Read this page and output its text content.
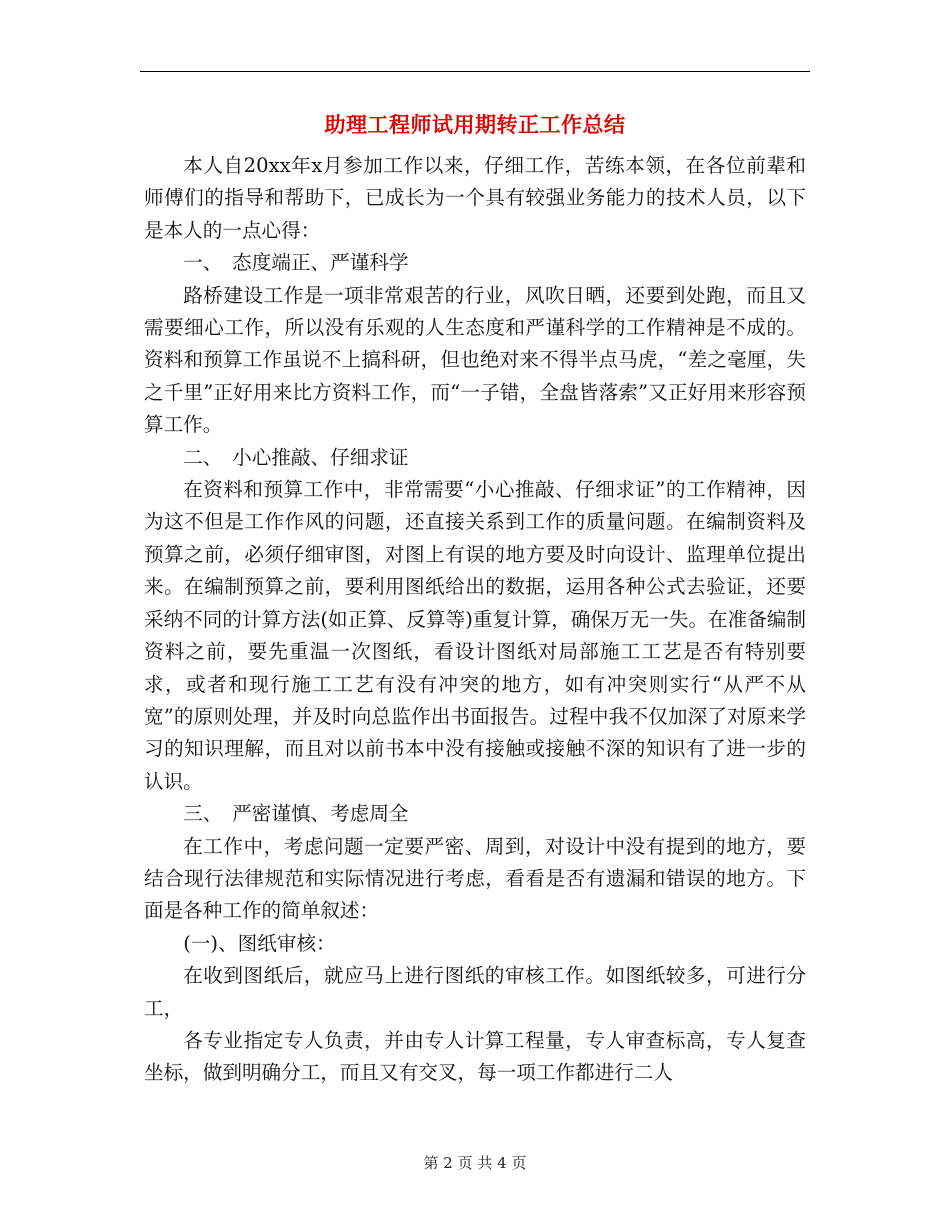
助理工程师试用期转正工作总结

本人自20xx年x月参加工作以来，仔细工作，苦练本领，在各位前辈和师傅们的指导和帮助下，已成长为一个具有较强业务能力的技术人员，以下是本人的一点心得：

一、　态度端正、严谨科学

路桥建设工作是一项非常艰苦的行业，风吹日晒，还要到处跑，而且又需要细心工作，所以没有乐观的人生态度和严谨科学的工作精神是不成的。资料和预算工作虽说不上搞科研，但也绝对来不得半点马虎，“差之毫厘，失之千里”正好用来比方资料工作，而“一子错，全盘皆落索”又正好用来形容预算工作。

二、　小心推敲、仔细求证

在资料和预算工作中，非常需要“小心推敲、仔细求证”的工作精神，因为这不但是工作作风的问题，还直接关系到工作的质量问题。在编制资料及预算之前，必须仔细审图，对图上有误的地方要及时向设计、监理单位提出来。在编制预算之前，要利用图纸给出的数据，运用各种公式去验证，还要采纳不同的计算方法(如正算、反算等)重复计算，确保万无一失。在准备编制资料之前，要先重温一次图纸，看设计图纸对局部施工工艺是否有特别要求，或者和现行施工工艺有没有冲突的地方，如有冲突则实行“从严不从宽”的原则处理，并及时向总监作出书面报告。过程中我不仅加深了对原来学习的知识理解，而且对以前书本中没有接触或接触不深的知识有了进一步的认识。

三、　严密谨慎、考虑周全

在工作中，考虑问题一定要严密、周到，对设计中没有提到的地方，要结合现行法律规范和实际情况进行考虑，看看是否有遗漏和错误的地方。下面是各种工作的简单叙述：

(一)、图纸审核：

在收到图纸后，就应马上进行图纸的审核工作。如图纸较多，可进行分工，

各专业指定专人负责，并由专人计算工程量，专人审查标高，专人复查坐标，做到明确分工，而且又有交叉，每一项工作都进行二人

第 2 页 共 4 页
